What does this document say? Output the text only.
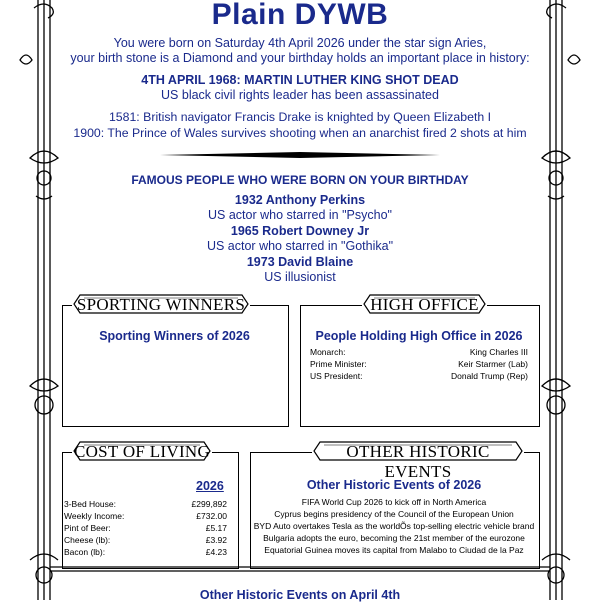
Plain DYWB
You were born on Saturday 4th April 2026 under the star sign Aries,
your birth stone is a Diamond and your birthday holds an important place in history:
4TH APRIL 1968: MARTIN LUTHER KING SHOT DEAD
US black civil rights leader has been assassinated
1581: British navigator Francis Drake is knighted by Queen Elizabeth I
1900: The Prince of Wales survives shooting when an anarchist fired 2 shots at him
FAMOUS PEOPLE WHO WERE BORN ON YOUR BIRTHDAY
1932 Anthony Perkins
US actor who starred in "Psycho"
1965 Robert Downey Jr
US actor who starred in "Gothika"
1973 David Blaine
US illusionist
SPORTING WINNERS
Sporting Winners of 2026
HIGH OFFICE
People Holding High Office in 2026
Monarch:	King Charles III
Prime Minister:	Keir Starmer (Lab)
US President:	Donald Trump (Rep)
COST OF LIVING
2026
3-Bed House:	£299,892
Weekly Income:	£732.00
Pint of Beer:	£5.17
Cheese (lb):	£3.92
Bacon (lb):	£4.23
OTHER HISTORIC EVENTS
Other Historic Events of 2026
FIFA World Cup 2026 to kick off in North America
Cyprus begins presidency of the Council of the European Union
BYD Auto overtakes Tesla as the worldÕs top-selling electric vehicle brand
Bulgaria adopts the euro, becoming the 21st member of the eurozone
Equatorial Guinea moves its capital from Malabo to Ciudad de la Paz
Other Historic Events on April 4th
